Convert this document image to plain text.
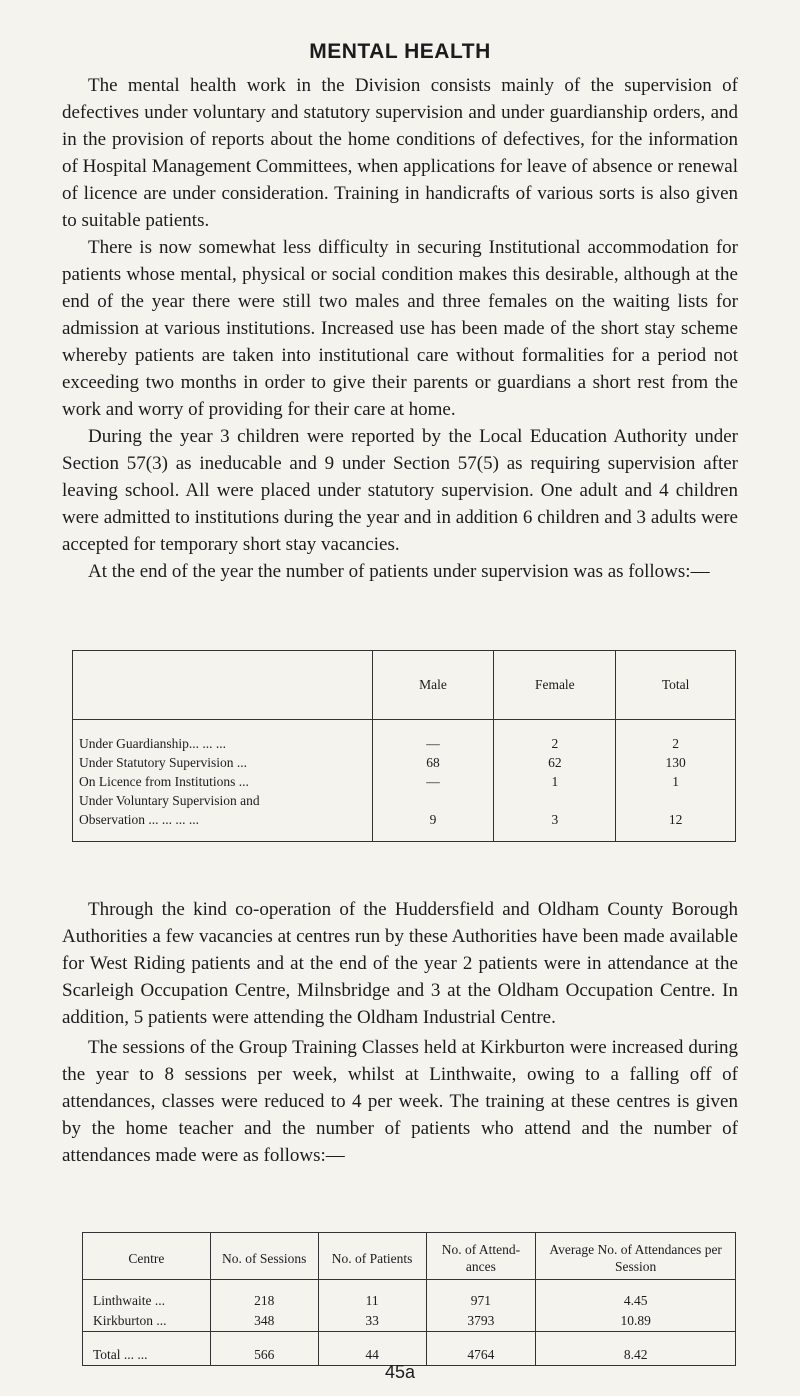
MENTAL HEALTH

The mental health work in the Division consists mainly of the supervision of defectives under voluntary and statutory supervision and under guardianship orders, and in the provision of reports about the home conditions of defectives, for the information of Hospital Management Committees, when applications for leave of absence or renewal of licence are under consideration. Training in handicrafts of various sorts is also given to suitable patients.

There is now somewhat less difficulty in securing Institutional accommodation for patients whose mental, physical or social condition makes this desirable, although at the end of the year there were still two males and three females on the waiting lists for admission at various institutions. Increased use has been made of the short stay scheme whereby patients are taken into institutional care without formalities for a period not exceeding two months in order to give their parents or guardians a short rest from the work and worry of providing for their care at home.

During the year 3 children were reported by the Local Education Authority under Section 57(3) as ineducable and 9 under Section 57(5) as requiring supervision after leaving school. All were placed under statutory supervision. One adult and 4 children were admitted to institutions during the year and in addition 6 children and 3 adults were accepted for temporary short stay vacancies.

At the end of the year the number of patients under supervision was as follows:—

	Male	Female	Total
Under Guardianship... ... ...	—	2	2
Under Statutory Supervision ...	68	62	130
On Licence from Institutions ...	—	1	1
Under Voluntary Supervision and			
Observation ... ... ... ...	9	3	12

Through the kind co-operation of the Huddersfield and Oldham County Borough Authorities a few vacancies at centres run by these Authorities have been made available for West Riding patients and at the end of the year 2 patients were in attendance at the Scarleigh Occupation Centre, Milnsbridge and 3 at the Oldham Occupation Centre. In addition, 5 patients were attending the Oldham Industrial Centre.

The sessions of the Group Training Classes held at Kirkburton were increased during the year to 8 sessions per week, whilst at Linthwaite, owing to a falling off of attendances, classes were reduced to 4 per week. The training at these centres is given by the home teacher and the number of patients who attend and the number of attendances made were as follows:—

Centre	No. of Sessions	No. of Patients	No. of Attend- ances	Average No. of Attendances per Session
Linthwaite ...	218	11	971	4.45
Kirkburton ...	348	33	3793	10.89
Total ... ...	566	44	4764	8.42
45a
